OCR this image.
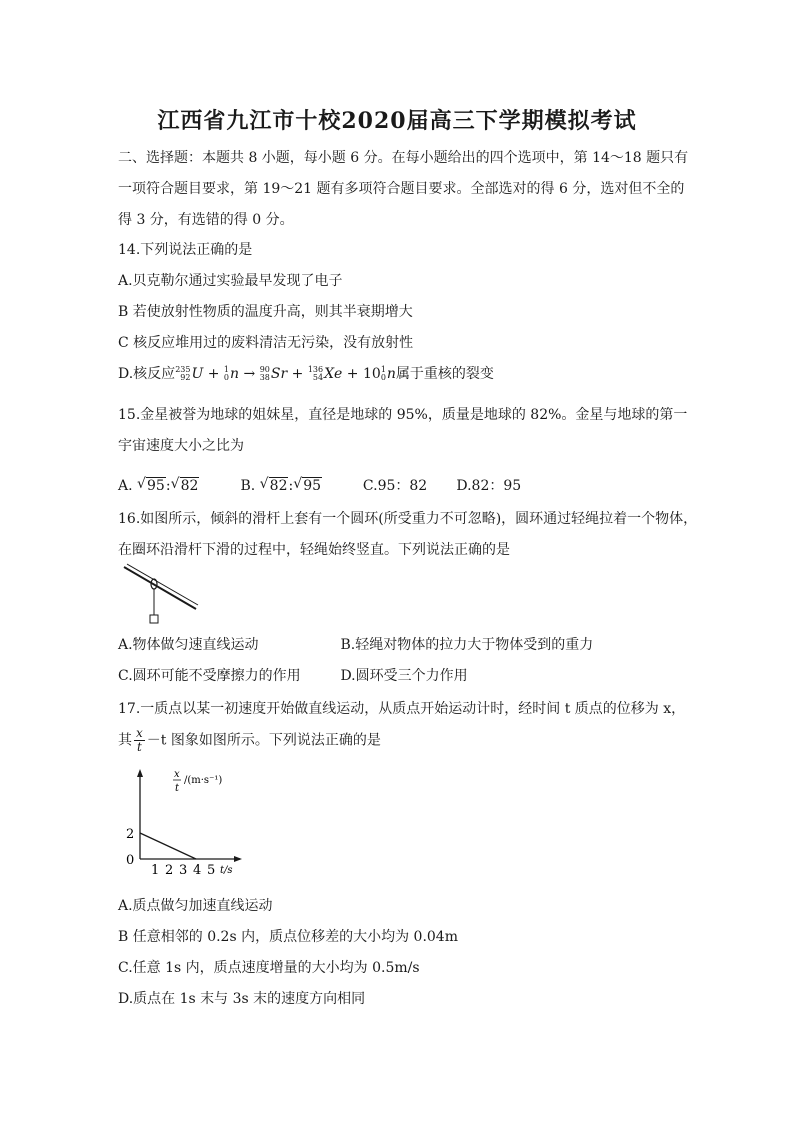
江西省九江市十校2020届高三下学期模拟考试
二、选择题：本题共 8 小题，每小题 6 分。在每小题给出的四个选项中，第 14～18 题只有
一项符合题目要求，第 19～21 题有多项符合题目要求。全部选对的得 6 分，选对但不全的
得 3 分，有选错的得 0 分。
14.下列说法正确的是
A.贝克勒尔通过实验最早发现了电子
B 若使放射性物质的温度升高，则其半衰期增大
C 核反应堆用过的废料清洁无污染，没有放射性
D.核反应 235
92 U + 1
0 n → 90
38 Sr + 136
54 Xe + 10 1
0 n属于重核的裂变
15.金星被誉为地球的姐妹星，直径是地球的 95%，质量是地球的 82%。金星与地球的第一
宇宙速度大小之比为
A. √ 95:√ 82	B. √ 82:√ 95	C.95：82 D.82：95
16.如图所示，倾斜的滑杆上套有一个圆环(所受重力不可忽略)，圆环通过轻绳拉着一个物体，
在圈环沿滑杆下滑的过程中，轻绳始终竖直。下列说法正确的是
A.物体做匀速直线运动	B.轻绳对物体的拉力大于物体受到的重力
C.圆环可能不受摩擦力的作用	D.圆环受三个力作用
17.一质点以某一初速度开始做直线运动，从质点开始运动计时，经时间 t 质点的位移为 x，
其 $\frac{x}{t} -t$ 图象如图所示。下列说法正确的是
x
t
/(m·s⁻¹)
1 2 3 4 5
2
0
t/s
A.质点做匀加速直线运动
B 任意相邻的 0.2s 内，质点位移差的大小均为 0.04m
C.任意 1s 内，质点速度增量的大小均为 0.5m/s
D.质点在 1s 末与 3s 末的速度方向相同
